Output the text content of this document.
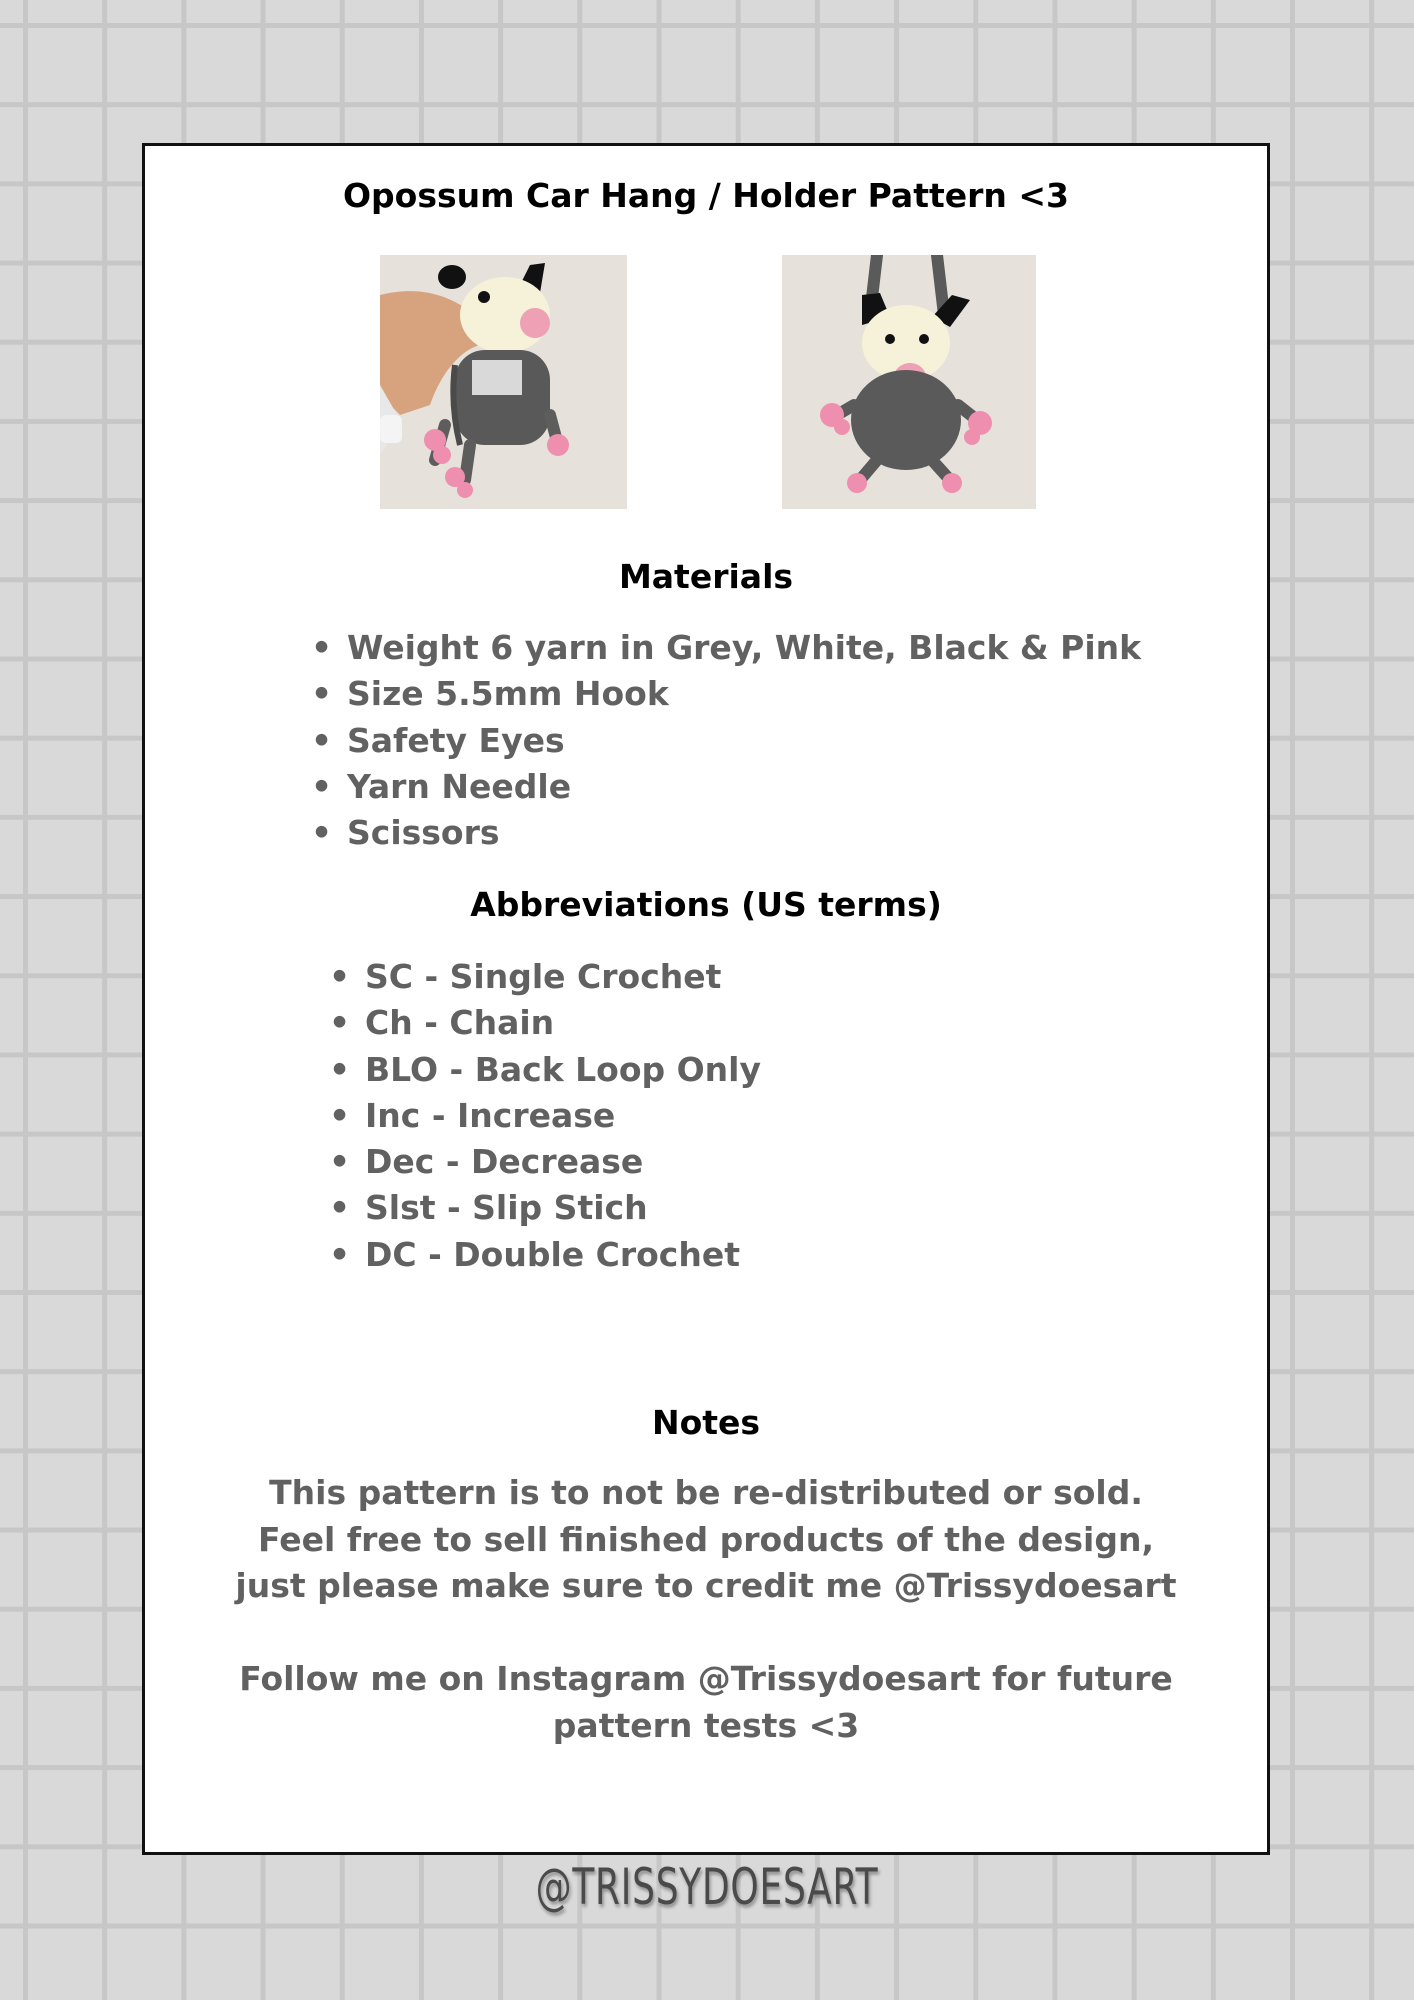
Opossum Car Hang / Holder Pattern <3
Materials
• Weight 6 yarn in Grey, White, Black & Pink
• Size 5.5mm Hook
• Safety Eyes
• Yarn Needle
• Scissors
Abbreviations (US terms)
• SC - Single Crochet
• Ch - Chain
• BLO - Back Loop Only
• Inc - Increase
• Dec - Decrease
• Slst - Slip Stich
• DC - Double Crochet
Notes
This pattern is to not be re-distributed or sold.
Feel free to sell finished products of the design,
just please make sure to credit me @Trissydoesart
Follow me on Instagram @Trissydoesart for future
pattern tests <3
@TRISSYDOESART
